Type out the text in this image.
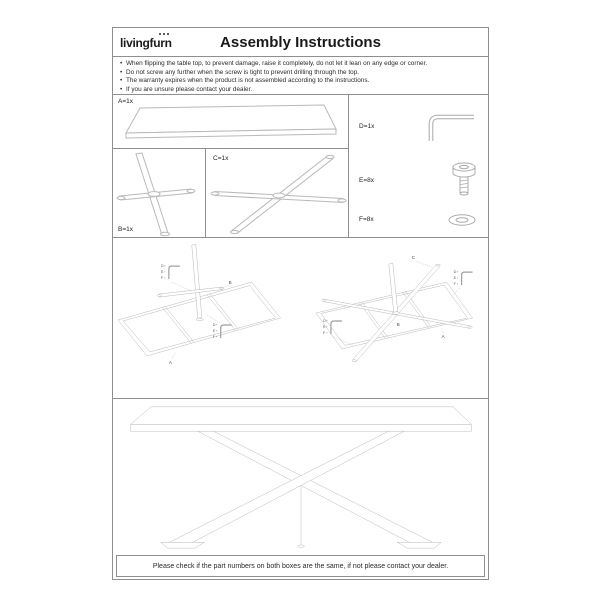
livingfurn	Assembly Instructions
• When flipping the table top, to prevent damage, raise it completely, do not let it lean on any edge or corner.
• Do not screw any further when the screw is tight to prevent drilling through the top.
• The warranty expires when the product is not assembled according to the instructions.
• If you are unsure please contact your dealer.
A=1x
B=1x
C=1x
D=1x
E=8x
F=8x
D
E
F
D
E
F
B
A
D
E
F
D
E
F
C
B
A
Please check if the part numbers on both boxes are the same, if not please contact your dealer.
